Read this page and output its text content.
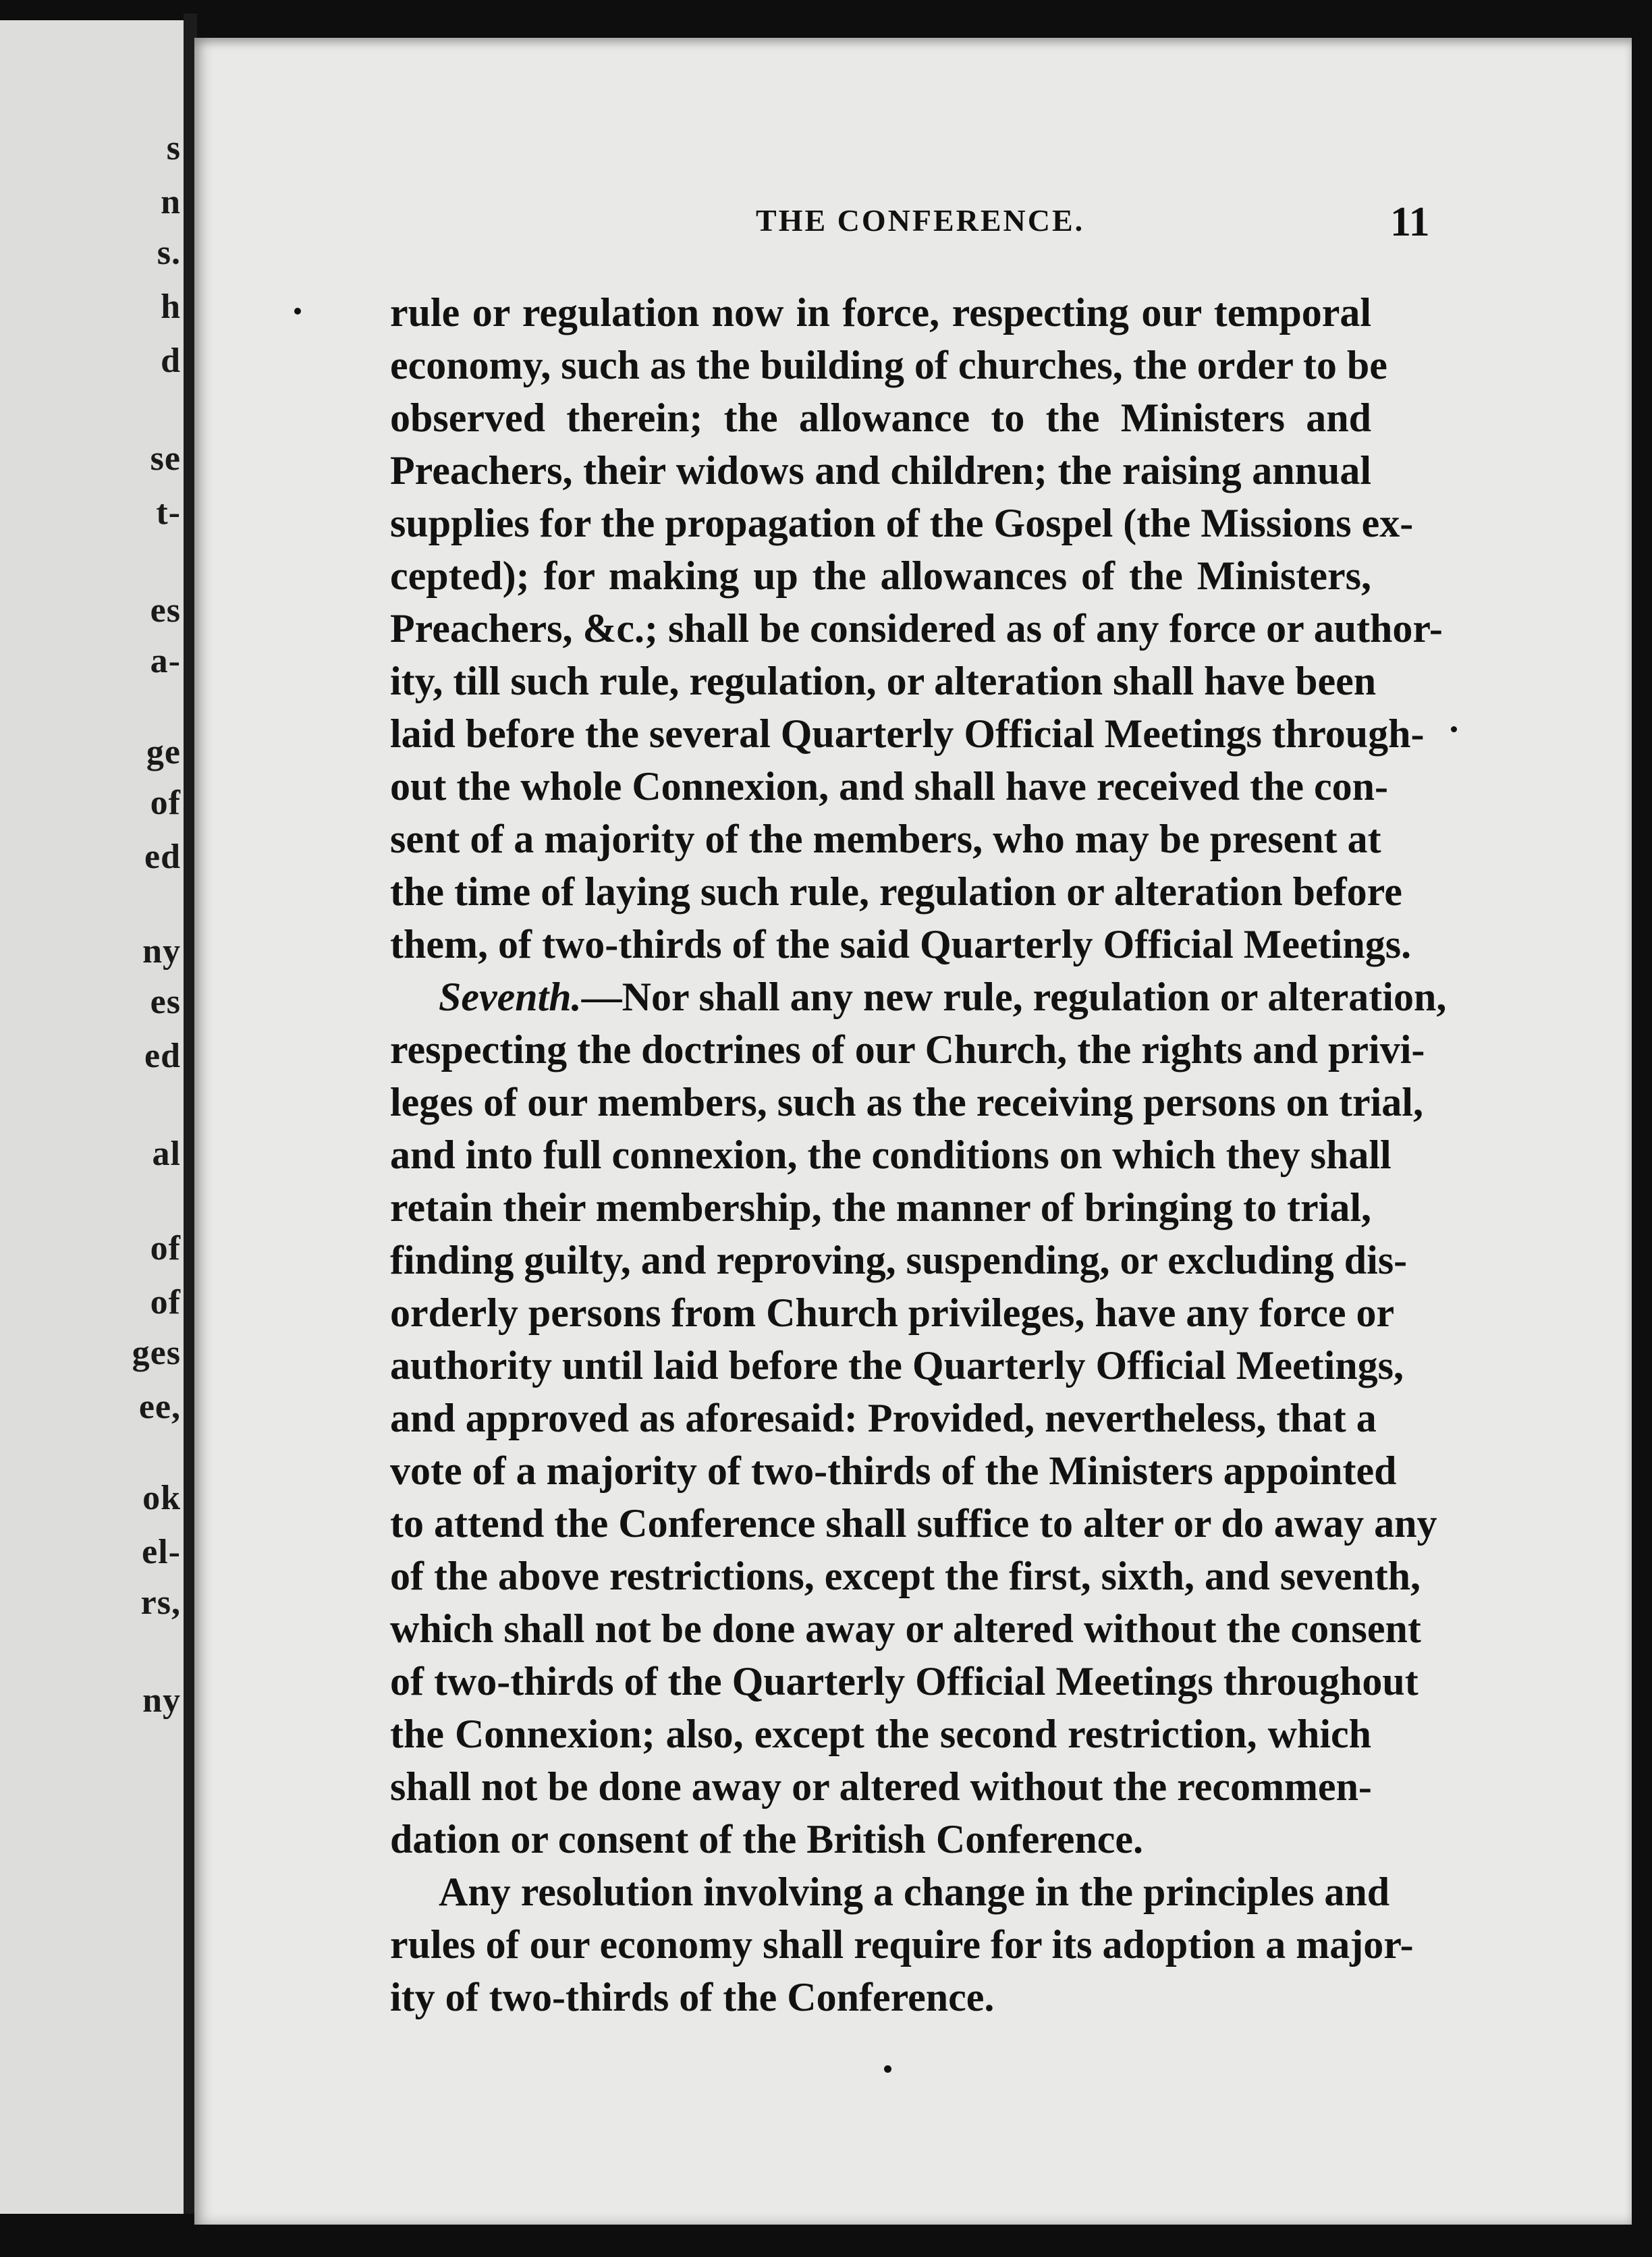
s
n
s.
h
d
se
t-
es
a-
ge
of
ed
ny
es
ed
al
of
of
ges
ee,
ok
el-
rs,
ny
THE CONFERENCE.	11
rule or regulation now in force, respecting our temporal
economy, such as the building of churches, the order to be
observed therein; the allowance to the Ministers and
Preachers, their widows and children; the raising annual
supplies for the propagation of the Gospel (the Missions ex-
cepted); for making up the allowances of the Ministers,
Preachers, &c.; shall be considered as of any force or author-
ity, till such rule, regulation, or alteration shall have been
laid before the several Quarterly Official Meetings through-
out the whole Connexion, and shall have received the con-
sent of a majority of the members, who may be present at
the time of laying such rule, regulation or alteration before
them, of two-thirds of the said Quarterly Official Meetings.
Seventh.—Nor shall any new rule, regulation or alteration,
respecting the doctrines of our Church, the rights and privi-
leges of our members, such as the receiving persons on trial,
and into full connexion, the conditions on which they shall
retain their membership, the manner of bringing to trial,
finding guilty, and reproving, suspending, or excluding dis-
orderly persons from Church privileges, have any force or
authority until laid before the Quarterly Official Meetings,
and approved as aforesaid: Provided, nevertheless, that a
vote of a majority of two-thirds of the Ministers appointed
to attend the Conference shall suffice to alter or do away any
of the above restrictions, except the first, sixth, and seventh,
which shall not be done away or altered without the consent
of two-thirds of the Quarterly Official Meetings throughout
the Connexion; also, except the second restriction, which
shall not be done away or altered without the recommen-
dation or consent of the British Conference.
Any resolution involving a change in the principles and
rules of our economy shall require for its adoption a major-
ity of two-thirds of the Conference.
